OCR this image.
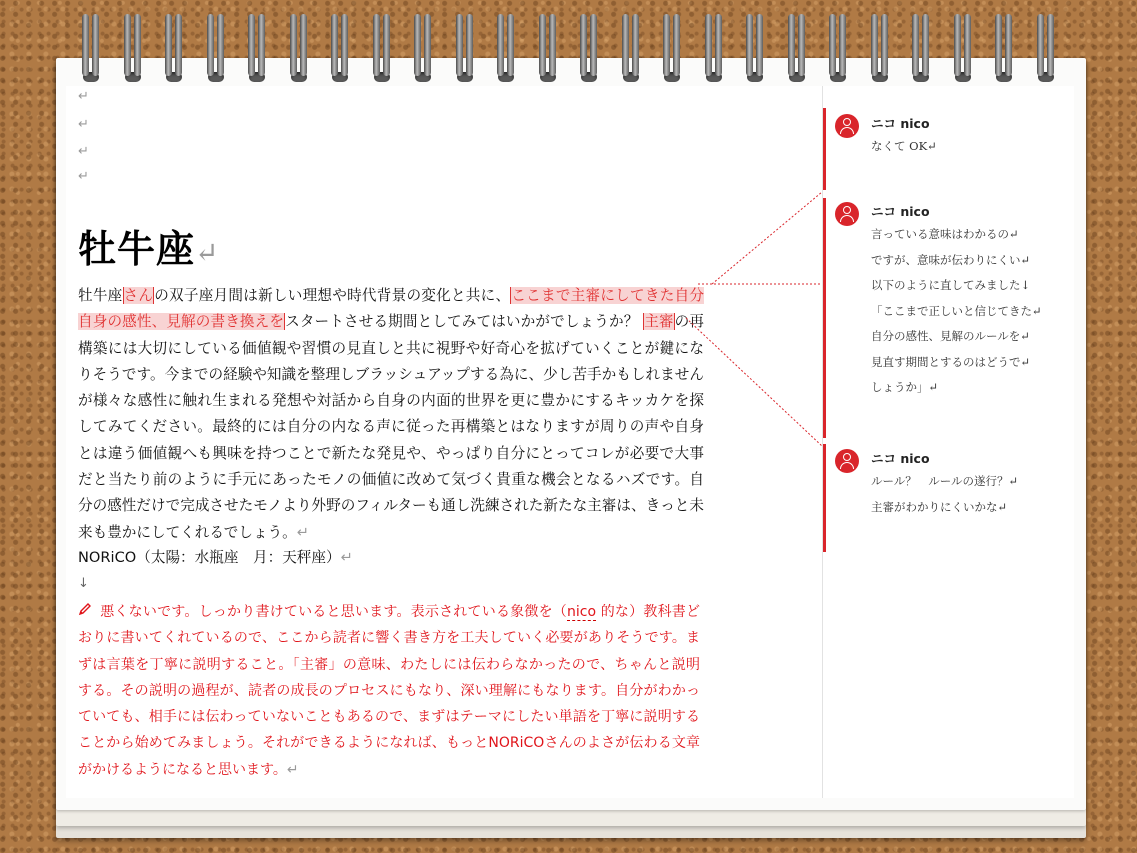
↵
↵
↵
↵
牡牛座↵
牡牛座さんの双子座月間は新しい理想や時代背景の変化と共に、ここまで主審にしてきた自分自身の感性、見解の書き換えをスタートさせる期間としてみてはいかがでしょうか？ 主審の再構築には大切にしている価値観や習慣の見直しと共に視野や好奇心を拡げていくことが鍵になりそうです。今までの経験や知識を整理しブラッシュアップする為に、少し苦手かもしれませんが様々な感性に触れ生まれる発想や対話から自身の内面的世界を更に豊かにするキッカケを探してみてください。最終的には自分の内なる声に従った再構築とはなりますが周りの声や自身とは違う価値観へも興味を持つことで新たな発見や、やっぱり自分にとってコレが必要で大事だと当たり前のように手元にあったモノの価値に改めて気づく貴重な機会となるハズです。自分の感性だけで完成させたモノより外野のフィルターも通し洗練された新たな主審は、きっと未来も豊かにしてくれるでしょう。↵
NORiCO（太陽：水瓶座　月：天秤座）↵
↓
悪くないです。しっかり書けていると思います。表示されている象徴を（nico 的な）教科書どおりに書いてくれているので、ここから読者に響く書き方を工夫していく必要がありそうです。まずは言葉を丁寧に説明すること。「主審」の意味、わたしには伝わらなかったので、ちゃんと説明する。その説明の過程が、読者の成長のプロセスにもなり、深い理解にもなります。自分がわかっていても、相手には伝わっていないこともあるので、まずはテーマにしたい単語を丁寧に説明することから始めてみましょう。それができるようになれば、もっとNORiCOさんのよさが伝わる文章がかけるようになると思います。↵
ニコ nico
なくて OK↵
ニコ nico
言っている意味はわかるの↵
ですが、意味が伝わりにくい↵
以下のように直してみました↓
「ここまで正しいと信じてきた↵
自分の感性、見解のルールを↵
見直す期間とするのはどうで↵
しょうか」↵
ニコ nico
ルール？　ルールの遂行？↵
主審がわかりにくいかな↵
